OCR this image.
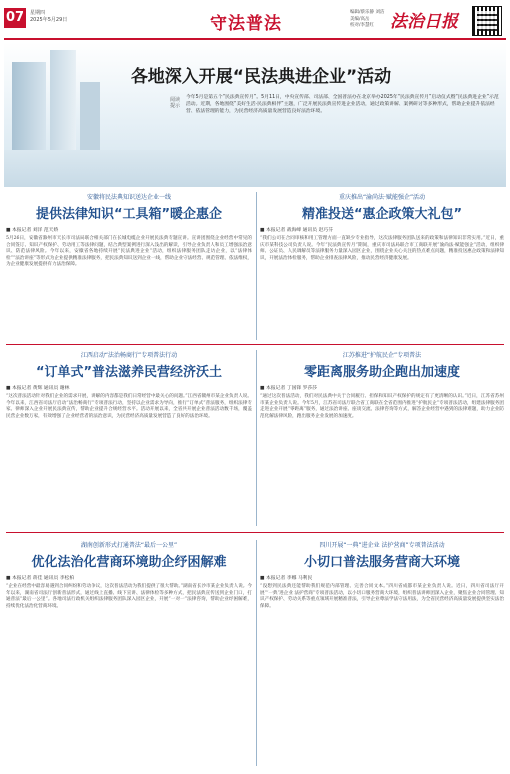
07	星期四
2025年5月29日	守法普法
编辑/蔡乐静 刘洁
美编/高岳
校对/李慧红 法治日报
各地深入开展“民法典进企业”活动
阅读提示
今年5月是第五个“民法典宣传月”。5月11日，中央宣传部、司法部、全国普法办在北京举办2025年“民法典宣传月”启动仪式暨“民法典进企业”示范活动。近期，各地围绕“美好生活·民法典相伴”主题，广泛开展民法典宣传进企业活动，通过政策讲解、案例研讨等多种形式，帮助企业提升依法经营、依法管理的能力，为民营经济高质量发展营造良好法治环境。
安徽将民法典知识送达企业一线
提供法律知识“工具箱”暖企惠企
■ 本报记者 刘洋 范天娇
5月26日，安徽省滁州市天长市司法局联合相关部门在长城电缆企业开展民法典专题宣讲。宣讲团围绕企业经营中常见的合同签订、知识产权保护、劳动用工等法律问题，结合典型案例进行深入浅出的解读，引导企业负责人和员工增强法治意识、防范法律风险。今年以来，安徽省各地持续开展“民法典进企业”活动，组织法律服务团队走访企业，以“法律体检”“法治讲座”等形式为企业提供精准法律服务，把民法典知识送到企业一线，帮助企业守法经营、规范管理、依法维权，为企业健康发展提供有力法治保障。
重庆推出“渝尚法·赋能强企”活动
精准投送“惠企政策大礼包”
■ 本报记者 战海峰 通讯员 赵巧芬
“我们公司在合同审核和用工管理方面一直缺少专业指导，这次法律服务团队送来的政策和法律知识非常实用。”近日，重庆市某科技公司负责人说。今年“民法典宣传月”期间，重庆市司法局联合市工商联开展“渝尚法·赋能强企”活动，组织律师、公证员、人民调解员等法律服务力量深入园区企业，围绕企业关心关注的热点难点问题，精准投送惠企政策和法律知识，开展法治体检服务，帮助企业排查法律风险，推动民营经济健康发展。
江西启动“法治畅商行”专项普法行动
“订单式”普法滋养民营经济沃土
■ 本报记者 黄辉 通讯员 谢林
“这次普法活动针对我们企业的需求开展，讲解的内容都是我们日常经营中最关心的问题。”江西省赣州市某企业负责人说。今年以来，江西省司法厅启动“法治畅商行”专项普法行动，坚持以企业需求为导向，推行“订单式”普法服务，组织法律专家、律师深入企业开展民法典宣传，帮助企业提升合规经营水平。活动开展以来，全省共开展企业普法活动数千场，覆盖民营企业数万家，有效增强了企业经营者的法治意识，为民营经济高质量发展营造了良好的法治环境。
江苏推进“护航民企”专项普法
零距离服务助企跑出加速度
■ 本报记者 丁国锋 罗莎莎
“通过这次普法活动，我们对民法典中关于合同履行、担保和知识产权保护的规定有了更清晰的认识。”近日，江苏省苏州市某企业负责人说。今年5月，江苏省司法厅联合省工商联在全省范围内推进“护航民企”专项普法活动，组建法律服务团走进企业开展“零距离”服务，通过法治讲座、座谈交流、法律咨询等方式，解答企业经营中遇到的法律难题，助力企业防范化解法律风险，跑出服务企业发展的加速度。
湖南创新形式打通普法“最后一公里”
优化法治化营商环境助企纾困解难
■ 本报记者 蒋佳 通讯员 李松柏
“企业在经营中最容易遇到合同纠纷和劳动争议，这次普法活动为我们提供了很大帮助。”湖南省长沙市某企业负责人说。今年以来，湖南省司法厅创新普法形式，通过线上直播、线下宣讲、法律体检等多种方式，把民法典宣传送到企业门口，打通普法“最后一公里”。各地司法行政机关组织法律服务团队深入园区企业，开展“一对一”法律咨询，帮助企业纾困解难，持续优化法治化营商环境。
四川开展“一典”进企业 法护营商”专项普法活动
小切口普法服务营商大环境
■ 本报记者 李娜 马利民
“没想到民法典还能帮助我们规范内部管理、完善合同文本。”四川省成都市某企业负责人说。近日，四川省司法厅开展“‘一典’进企业 法护营商”专项普法活动，以小切口服务营商大环境，组织普法讲师团深入企业，聚焦企业合同管理、知识产权保护、劳动关系等重点领域开展精准普法，引导企业尊法学法守法用法，为全省民营经济高质量发展提供坚实法治保障。
